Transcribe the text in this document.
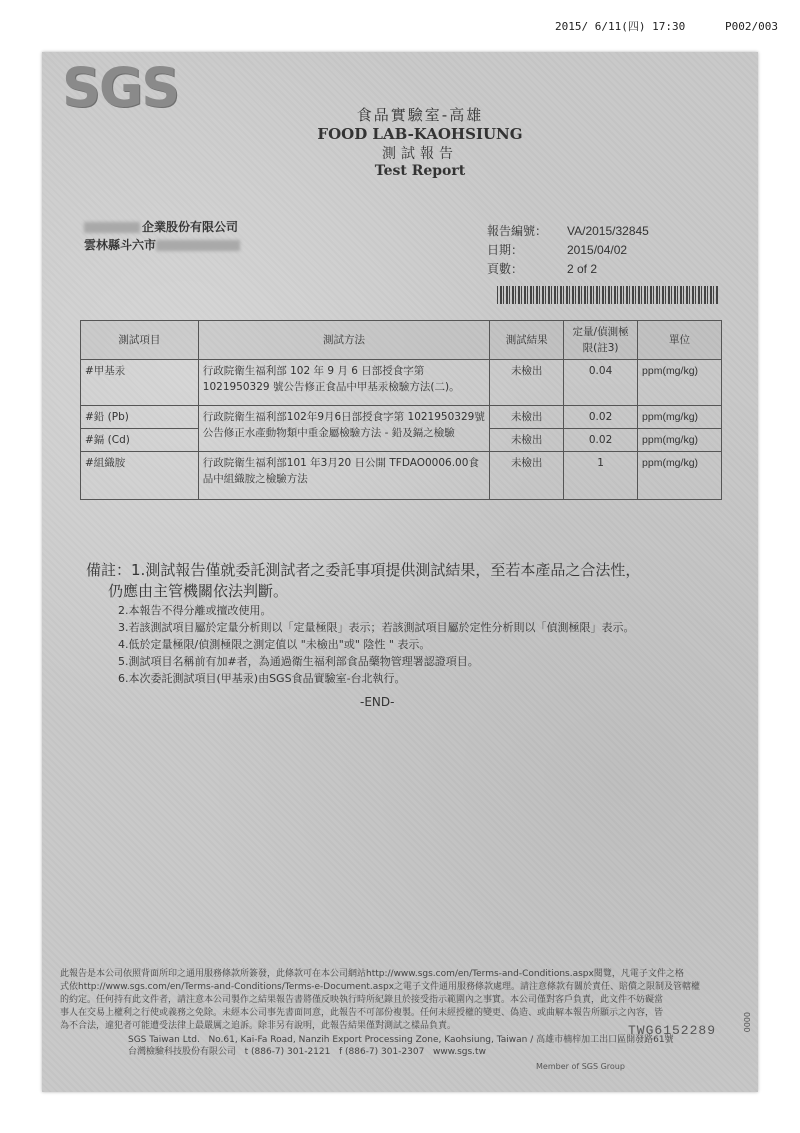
2015/ 6/11(四) 17:30	P002/003
SGS	食品實驗室-高雄
FOOD LAB-KAOHSIUNG
測試報告
Test Report
企業股份有限公司
雲林縣斗六市
報告編號：	VA/2015/32845
日期：	2015/04/02
頁數：	2 of 2
測試項目	測試方法	測試結果	定量/偵測極限(註3)	單位
#甲基汞	行政院衛生福利部 102 年 9 月 6 日部授食字第 1021950329 號公告修正食品中甲基汞檢驗方法(二)。	未檢出	0.04	ppm(mg/kg)
#鉛 (Pb)	行政院衛生福利部102年9月6日部授食字第 1021950329號公告修正水產動物類中重金屬檢驗方法 - 鉛及鎘之檢驗	未檢出	0.02	ppm(mg/kg)
#鎘 (Cd)		未檢出	0.02	ppm(mg/kg)
#組織胺	行政院衛生福利部101 年3月20 日公開 TFDAO0006.00食品中組織胺之檢驗方法	未檢出	1	ppm(mg/kg)
備註：1.測試報告僅就委託測試者之委託事項提供測試結果，至若本產品之合法性，
仍應由主管機關依法判斷。
2.本報告不得分離或擅改使用。
3.若該測試項目屬於定量分析則以「定量極限」表示；若該測試項目屬於定性分析則以「偵測極限」表示。
4.低於定量極限/偵測極限之測定值以 "未檢出"或" 陰性 " 表示。
5.測試項目名稱前有加#者，為通過衛生福利部食品藥物管理署認證項目。
6.本次委託測試項目(甲基汞)由SGS食品實驗室-台北執行。
-END-
此報告是本公司依照背面所印之通用服務條款所簽發，此條款可在本公司網站http://www.sgs.com/en/Terms-and-Conditions.aspx閱覽，凡電子文件之格
式依http://www.sgs.com/en/Terms-and-Conditions/Terms-e-Document.aspx之電子文件通用服務條款處理。請注意條款有關於責任、賠償之限制及管轄權
的約定。任何持有此文件者，請注意本公司製作之結果報告書將僅反映執行時所紀錄且於接受指示範圍內之事實。本公司僅對客戶負責，此文件不妨礙當
事人在交易上權利之行使或義務之免除。未經本公司事先書面同意，此報告不可部份複製。任何未經授權的變更、偽造、或曲解本報告所顯示之內容，皆
為不合法，違犯者可能遭受法律上最嚴厲之追訴。除非另有說明，此報告結果僅對測試之樣品負責。	TWG6152289
SGS Taiwan Ltd. No.61, Kai-Fa Road, Nanzih Export Processing Zone, Kaohsiung, Taiwan / 高雄市楠梓加工出口區開發路61號
台灣檢驗科技股份有限公司 t (886-7) 301-2121 f (886-7) 301-2307 www.sgs.tw
Member of SGS Group
0000
